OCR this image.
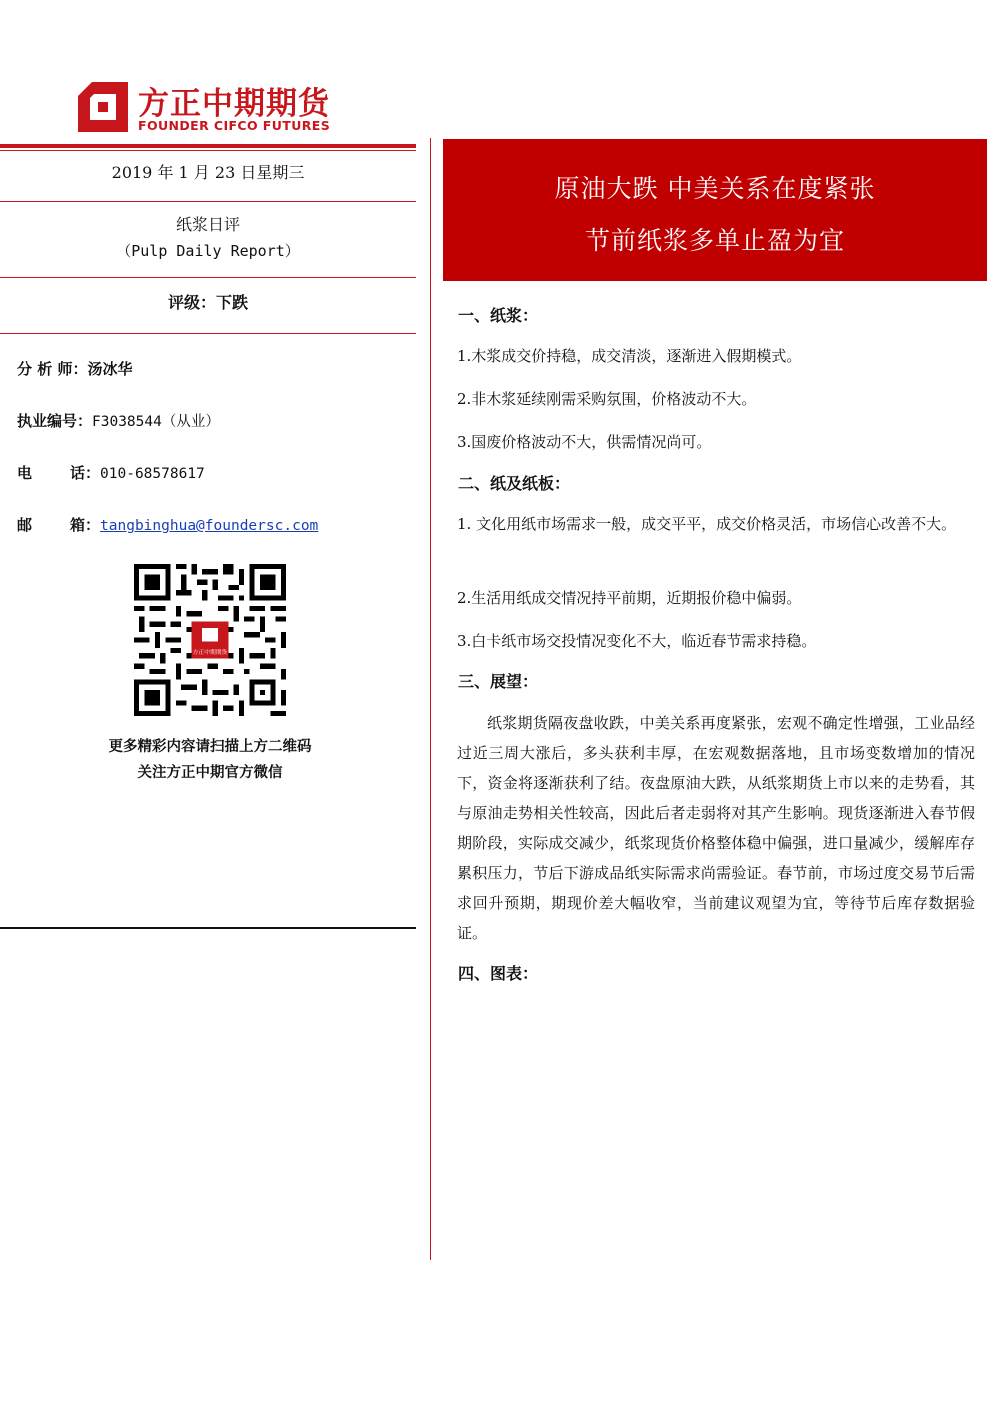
方正中期期货
FOUNDER CIFCO FUTURES
2019 年 1 月 23 日星期三
纸浆日评
（Pulp Daily Report）
评级：下跌
分 析 师：汤冰华
执业编号：F3038544（从业）
电	话：010-68578617
邮	箱：tangbinghua@foundersc.com
方正中期期货
更多精彩内容请扫描上方二维码
关注方正中期官方微信
原油大跌 中美关系在度紧张
节前纸浆多单止盈为宜
一、纸浆：
1.木浆成交价持稳，成交清淡，逐渐进入假期模式。
2.非木浆延续刚需采购氛围，价格波动不大。
3.国废价格波动不大，供需情况尚可。
二、纸及纸板：
1. 文化用纸市场需求一般，成交平平，成交价格灵活，市场信心改善不大。
2.生活用纸成交情况持平前期，近期报价稳中偏弱。
3.白卡纸市场交投情况变化不大，临近春节需求持稳。
三、展望：
纸浆期货隔夜盘收跌，中美关系再度紧张，宏观不确定性增强，工业品经过近三周大涨后，多头获利丰厚，在宏观数据落地，且市场变数增加的情况下，资金将逐渐获利了结。夜盘原油大跌，从纸浆期货上市以来的走势看，其与原油走势相关性较高，因此后者走弱将对其产生影响。现货逐渐进入春节假期阶段，实际成交减少，纸浆现货价格整体稳中偏强，进口量减少，缓解库存累积压力，节后下游成品纸实际需求尚需验证。春节前，市场过度交易节后需求回升预期，期现价差大幅收窄，当前建议观望为宜，等待节后库存数据验证。
四、图表：
